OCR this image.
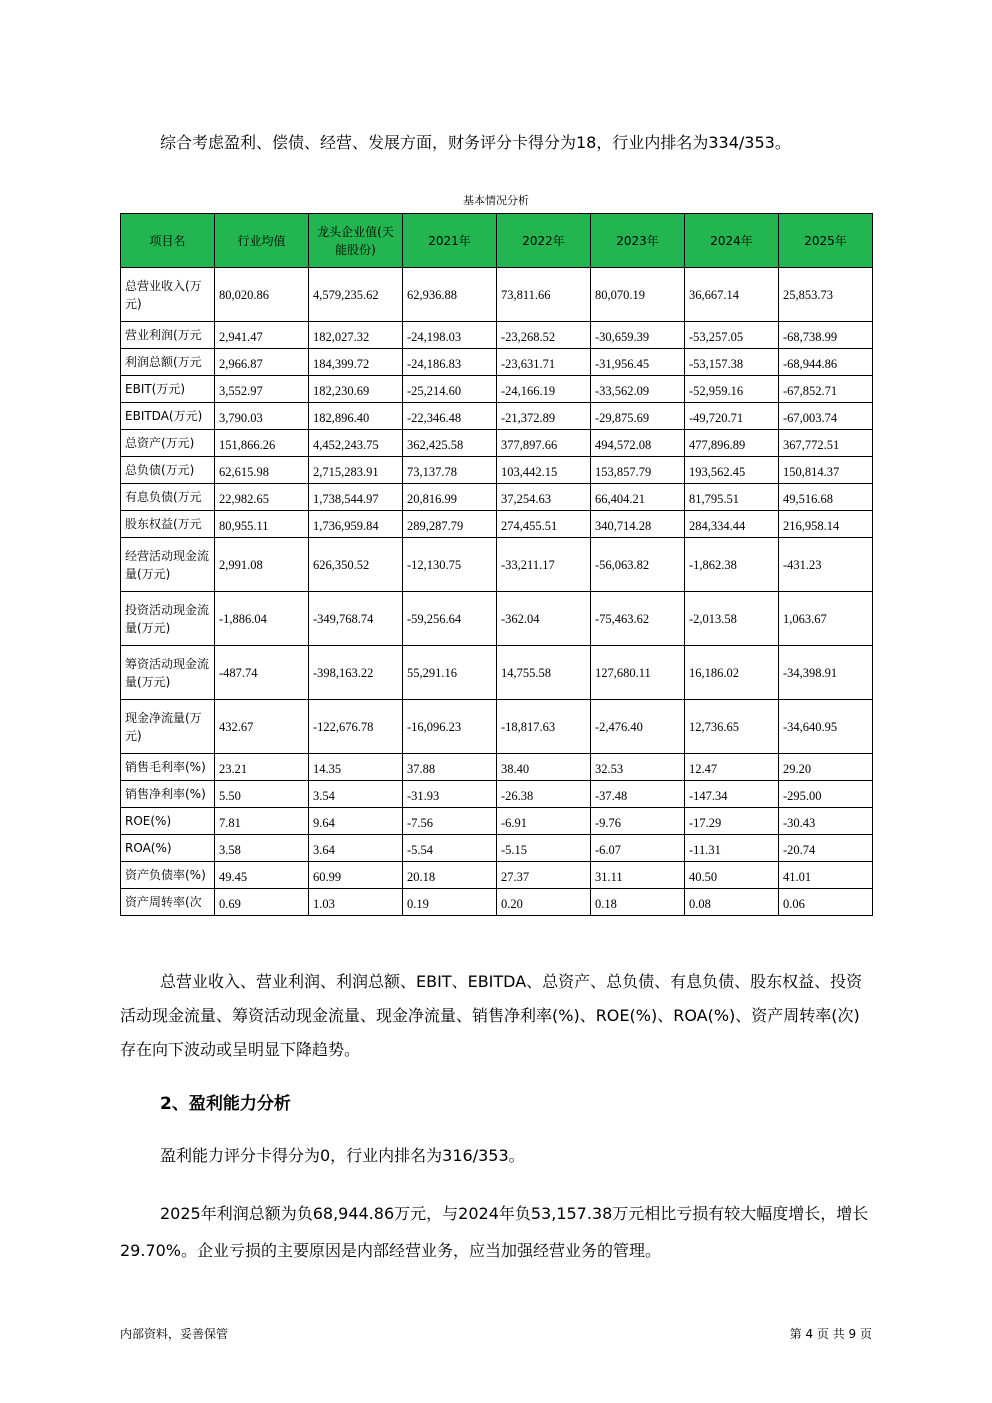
综合考虑盈利、偿债、经营、发展方面，财务评分卡得分为18，行业内排名为334/353。

基本情况分析
项目名	行业均值	龙头企业值(天能股份)	2021年	2022年	2023年	2024年	2025年
总营业收入(万元)	80,020.86	4,579,235.62	62,936.88	73,811.66	80,070.19	36,667.14	25,853.73
营业利润(万元	2,941.47	182,027.32	-24,198.03	-23,268.52	-30,659.39	-53,257.05	-68,738.99
利润总额(万元	2,966.87	184,399.72	-24,186.83	-23,631.71	-31,956.45	-53,157.38	-68,944.86
EBIT(万元)	3,552.97	182,230.69	-25,214.60	-24,166.19	-33,562.09	-52,959.16	-67,852.71
EBITDA(万元)	3,790.03	182,896.40	-22,346.48	-21,372.89	-29,875.69	-49,720.71	-67,003.74
总资产(万元)	151,866.26	4,452,243.75	362,425.58	377,897.66	494,572.08	477,896.89	367,772.51
总负债(万元)	62,615.98	2,715,283.91	73,137.78	103,442.15	153,857.79	193,562.45	150,814.37
有息负债(万元	22,982.65	1,738,544.97	20,816.99	37,254.63	66,404.21	81,795.51	49,516.68
股东权益(万元	80,955.11	1,736,959.84	289,287.79	274,455.51	340,714.28	284,334.44	216,958.14
经营活动现金流量(万元)	2,991.08	626,350.52	-12,130.75	-33,211.17	-56,063.82	-1,862.38	-431.23
投资活动现金流量(万元)	-1,886.04	-349,768.74	-59,256.64	-362.04	-75,463.62	-2,013.58	1,063.67
筹资活动现金流量(万元)	-487.74	-398,163.22	55,291.16	14,755.58	127,680.11	16,186.02	-34,398.91
现金净流量(万元)	432.67	-122,676.78	-16,096.23	-18,817.63	-2,476.40	12,736.65	-34,640.95
销售毛利率(%)	23.21	14.35	37.88	38.40	32.53	12.47	29.20
销售净利率(%)	5.50	3.54	-31.93	-26.38	-37.48	-147.34	-295.00
ROE(%)	7.81	9.64	-7.56	-6.91	-9.76	-17.29	-30.43
ROA(%)	3.58	3.64	-5.54	-5.15	-6.07	-11.31	-20.74
资产负债率(%)	49.45	60.99	20.18	27.37	31.11	40.50	41.01
资产周转率(次	0.69	1.03	0.19	0.20	0.18	0.08	0.06

总营业收入、营业利润、利润总额、EBIT、EBITDA、总资产、总负债、有息负债、股东权益、投资活动现金流量、筹资活动现金流量、现金净流量、销售净利率(%)、ROE(%)、ROA(%)、资产周转率(次)存在向下波动或呈明显下降趋势。

2、盈利能力分析

盈利能力评分卡得分为0，行业内排名为316/353。

2025年利润总额为负68,944.86万元，与2024年负53,157.38万元相比亏损有较大幅度增长，增长29.70%。企业亏损的主要原因是内部经营业务，应当加强经营业务的管理。

内部资料，妥善保管	第 4 页 共 9 页
